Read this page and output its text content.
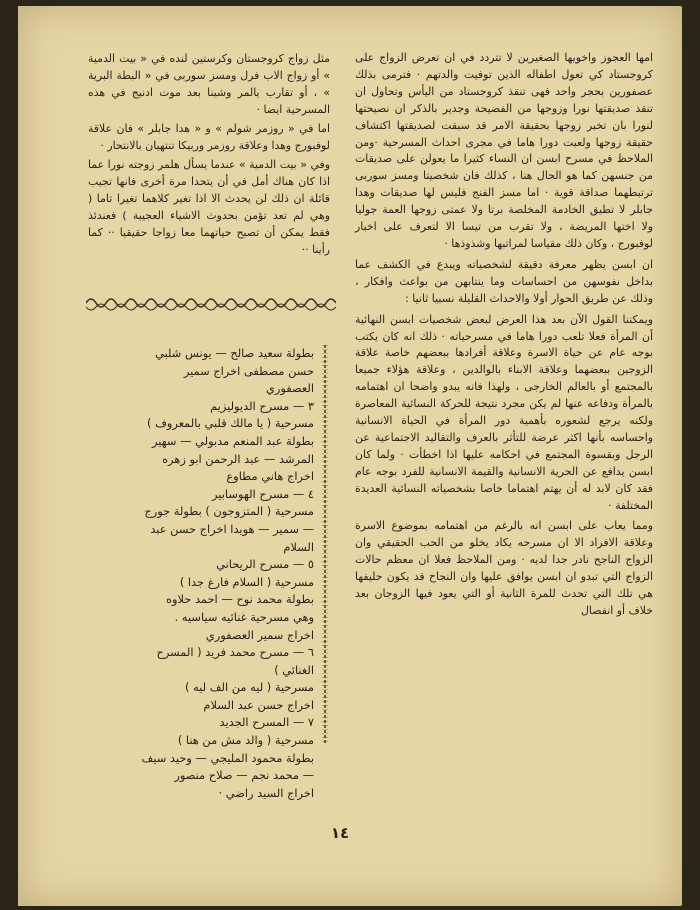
امها العجوز واخويها الصغيرين لا تتردد في ان تعرض الزواج على كروجستاد كي تعول اطفاله الذين توفيت والدتهم · فترمى بذلك عصفورين بحجر واحد فهى تنقذ كروجستاد من اليأس وتحاول ان تنقذ صديقتها نورا وزوجها من الفضيحة وجدير بالذكر ان نصيحتها لنورا بان تخبر زوجها بحقيقة الامر قد سبقت لصديقتها اكتشاف حقيقة زوجها ولعبت دورا هاما في مجرى احداث المسرحية ·ومن الملاحظ في مسرح ابسن ان النساء كثيرا ما يعولن على صديقات من جنسهن كما هو الحال هنا ، كذلك فان شخصيتا ومسز سوربى ترتبطهما صداقة قوية · اما مسز الفنج فليس لها صديقات وهدا جابلر لا تطيق الخادمة المخلصة برتا ولا عمتى زوجها العمة جوليا ولا اختها المريضة ، ولا تقرب من تيسا الا لتعرف على اخبار لوفبورج ، وكان ذلك مقياسا لمراتبها وشذوذها ·

ان ابسن يظهر معرفة دقيقة لشخصياته ويبدع في الكشف عما بداخل نفوسهن من احساسات وما ينتابهن من بواعث وافكار ، وذلك عن طريق الحوار أولا والاحداث القليلة نسبيا ثانيا :

ويمكننا القول الآن بعد هذا العرض لبعض شخصيات ابسن النهائية أن المرأة فعلا تلعب دورا هاما في مسرحياته · ذلك انه كان يكتب بوجه عام عن حياة الاسرة وعلاقة أفرادها ببعضهم خاصة علاقة الزوجين ببعضهما وعلاقة الابناء بالوالدين ، وعلاقة هؤلاء جميعا بالمجتمع أو بالعالم الخارجى ، ولهذا فانه يبدو واضحا ان اهتمامه بالمرأة ودفاعه عنها لم يكن مجرد نتيجة للحركة النسائية المعاصرة ولكنه يرجع لشعوره بأهمية دور المرأة في الحياة الانسانية واحساسه بأنها اكثر عرضة للتأثر بالعرف والتقاليد الاجتماعية عن الرجل وبقسوة المجتمع في احكامه عليها اذا اخطأت · ولما كان ابسن يدافع عن الحرية الانسانية والقيمة الانسانية للفرد بوجه عام فقد كان لابد له أن يهتم اهتماما خاصا بشخصياته النسائية العديدة المختلفة ·

ومما يعاب على ابسن انه بالرغم من اهتمامه بموضوع الاسرة وعلاقة الافراد الا ان مسرحه يكاد يخلو من الحب الحقيقي وان الزواج الناجح نادر جدا لديه · ومن الملاحظ فعلا ان معظم حالات الزواج التي تبدو ان ابسن يوافق عليها وان النجاح قد يكون حليفها هي تلك التي تحدث للمرة الثانية أو التي يعود فيها الزوجان بعد خلاف أو انفصال

مثل زواج كروجستان وكرستين لنده في « بيت الدمية » أو زواج الاب فرل ومسز سوربى في « البطة البرية » ، أو تقارب يالمر وشينا بعد موت ادنيج في هذه المسرحية ايضا ·

اما في « روزمر شولم » و « هدا جابلر » فان علاقة لوفبورج وهدا وعلاقة روزمر وربيكا تنتهيان بالانتحار ·

وفي « بيت الدمية » عندما يسأل هلمر زوجته نورا عما اذا كان هناك أمل في أن يتحدا مرة أخرى فانها تجيب قائلة ان ذلك لن يحدث الا اذا تغير كلاهما تغيرا تاما ( وهي لم تعد تؤمن بحدوث الاشياء العجيبة ) فعندئذ فقط يمكن أن تصبح حياتهما معا زواجا حقيقيا ·· كما رأينا ··

بطولة سعيد صالح — يونس شلبي
حسن مصطفى اخراج سمير
العصفوري
٣ — مسرح الديوليزيم
مسرحية ( يا مالك قلبي بالمعروف )
بطولة عبد المنعم مدبولي — سهير
المرشد — عبد الرحمن ابو زهره
اخراج هاني مطاوع
٤ — مسرح الهوسابير
مسرحية ( المتزوجون ) بطولة جورج
— سمير — هويدا اخراج حسن عبد
السلام
٥ — مسرح الريحاني
مسرحية ( السلام فارغ جدا )
بطولة محمد نوح — احمد حلاوه
وهي مسرحية غنائيه سياسيه .
اخراج سمير العصفوري
٦ — مسرح محمد فريد ( المسرح
الغنائي )
مسرحية ( ليه من الف ليه )
اخراج حسن عبد السلام
٧ — المسرح الجديد
مسرحية ( والد مش من هنا )
بطولة محمود المليجي — وحيد سيف
— محمد نجم — صلاح منصور
اخراج السيد راضي ·
١٤
